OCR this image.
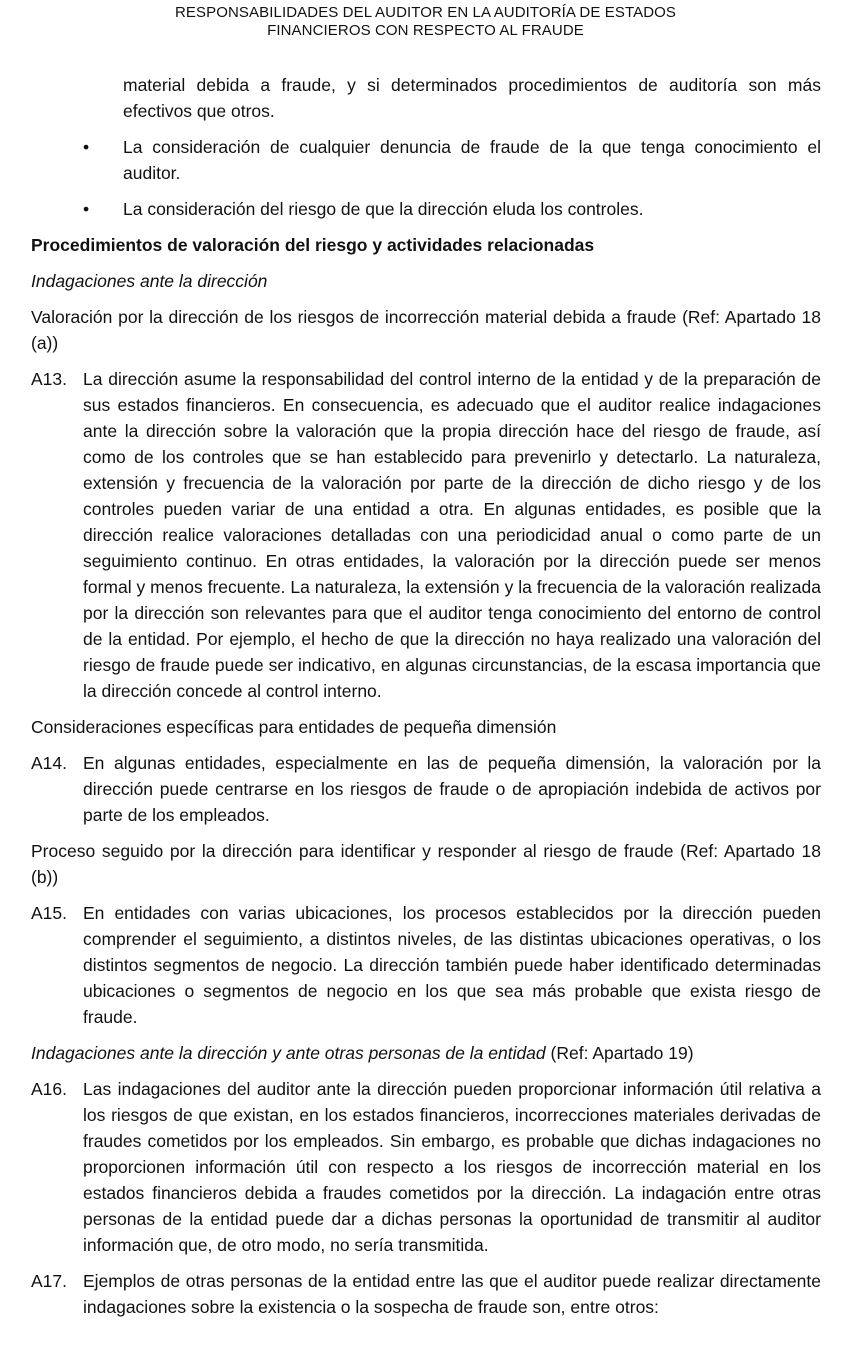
RESPONSABILIDADES DEL AUDITOR EN LA AUDITORÍA DE ESTADOS
FINANCIEROS CON RESPECTO AL FRAUDE

material debida a fraude, y si determinados procedimientos de auditoría son más efectivos que otros.

• La consideración de cualquier denuncia de fraude de la que tenga conocimiento el auditor.
• La consideración del riesgo de que la dirección eluda los controles.

Procedimientos de valoración del riesgo y actividades relacionadas

Indagaciones ante la dirección

Valoración por la dirección de los riesgos de incorrección material debida a fraude (Ref: Apartado 18 (a))

A13. La dirección asume la responsabilidad del control interno de la entidad y de la preparación de sus estados financieros. En consecuencia, es adecuado que el auditor realice indagaciones ante la dirección sobre la valoración que la propia dirección hace del riesgo de fraude, así como de los controles que se han establecido para prevenirlo y detectarlo. La naturaleza, extensión y frecuencia de la valoración por parte de la dirección de dicho riesgo y de los controles pueden variar de una entidad a otra. En algunas entidades, es posible que la dirección realice valoraciones detalladas con una periodicidad anual o como parte de un seguimiento continuo. En otras entidades, la valoración por la dirección puede ser menos formal y menos frecuente. La naturaleza, la extensión y la frecuencia de la valoración realizada por la dirección son relevantes para que el auditor tenga conocimiento del entorno de control de la entidad. Por ejemplo, el hecho de que la dirección no haya realizado una valoración del riesgo de fraude puede ser indicativo, en algunas circunstancias, de la escasa importancia que la dirección concede al control interno.

Consideraciones específicas para entidades de pequeña dimensión

A14. En algunas entidades, especialmente en las de pequeña dimensión, la valoración por la dirección puede centrarse en los riesgos de fraude o de apropiación indebida de activos por parte de los empleados.

Proceso seguido por la dirección para identificar y responder al riesgo de fraude (Ref: Apartado 18 (b))

A15. En entidades con varias ubicaciones, los procesos establecidos por la dirección pueden comprender el seguimiento, a distintos niveles, de las distintas ubicaciones operativas, o los distintos segmentos de negocio. La dirección también puede haber identificado determinadas ubicaciones o segmentos de negocio en los que sea más probable que exista riesgo de fraude.

Indagaciones ante la dirección y ante otras personas de la entidad (Ref: Apartado 19)

A16. Las indagaciones del auditor ante la dirección pueden proporcionar información útil relativa a los riesgos de que existan, en los estados financieros, incorrecciones materiales derivadas de fraudes cometidos por los empleados. Sin embargo, es probable que dichas indagaciones no proporcionen información útil con respecto a los riesgos de incorrección material en los estados financieros debida a fraudes cometidos por la dirección. La indagación entre otras personas de la entidad puede dar a dichas personas la oportunidad de transmitir al auditor información que, de otro modo, no sería transmitida.
A17. Ejemplos de otras personas de la entidad entre las que el auditor puede realizar directamente indagaciones sobre la existencia o la sospecha de fraude son, entre otros:
